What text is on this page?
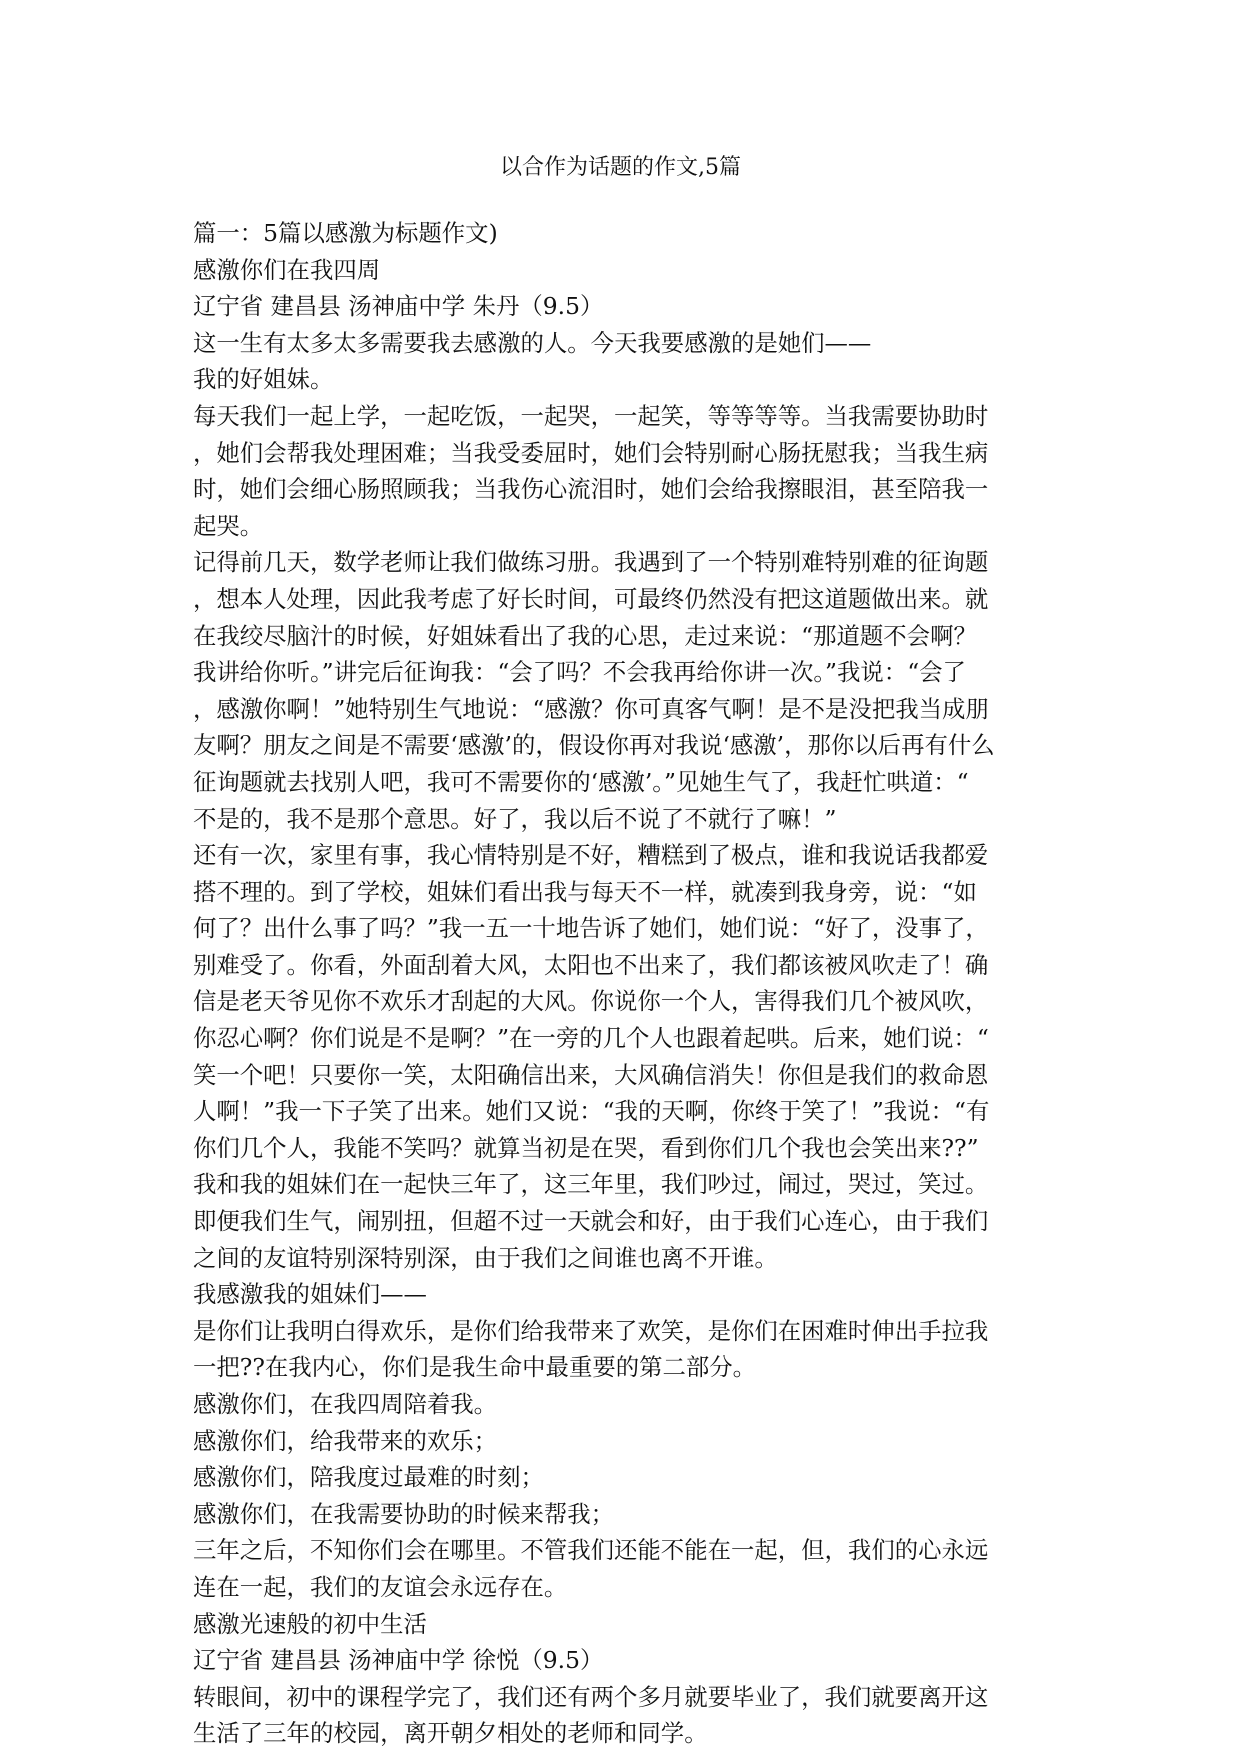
以合作为话题的作文,5篇
篇一：5篇以感激为标题作文)
感激你们在我四周
辽宁省 建昌县 汤神庙中学 朱丹（9.5）
这一生有太多太多需要我去感激的人。今天我要感激的是她们——
我的好姐妹。
每天我们一起上学，一起吃饭，一起哭，一起笑，等等等等。当我需要协助时
，她们会帮我处理困难；当我受委屈时，她们会特别耐心肠抚慰我；当我生病
时，她们会细心肠照顾我；当我伤心流泪时，她们会给我擦眼泪，甚至陪我一
起哭。
记得前几天，数学老师让我们做练习册。我遇到了一个特别难特别难的征询题
，想本人处理，因此我考虑了好长时间，可最终仍然没有把这道题做出来。就
在我绞尽脑汁的时候，好姐妹看出了我的心思，走过来说：“那道题不会啊？
我讲给你听。”讲完后征询我：“会了吗？不会我再给你讲一次。”我说：“会了
，感激你啊！”她特别生气地说：“感激？你可真客气啊！是不是没把我当成朋
友啊？朋友之间是不需要‘感激’的，假设你再对我说‘感激’，那你以后再有什么
征询题就去找别人吧，我可不需要你的‘感激’。”见她生气了，我赶忙哄道：“
不是的，我不是那个意思。好了，我以后不说了不就行了嘛！”
还有一次，家里有事，我心情特别是不好，糟糕到了极点，谁和我说话我都爱
搭不理的。到了学校，姐妹们看出我与每天不一样，就凑到我身旁，说：“如
何了？出什么事了吗？”我一五一十地告诉了她们，她们说：“好了，没事了，
别难受了。你看，外面刮着大风，太阳也不出来了，我们都该被风吹走了！确
信是老天爷见你不欢乐才刮起的大风。你说你一个人，害得我们几个被风吹，
你忍心啊？你们说是不是啊？”在一旁的几个人也跟着起哄。后来，她们说：“
笑一个吧！只要你一笑，太阳确信出来，大风确信消失！你但是我们的救命恩
人啊！”我一下子笑了出来。她们又说：“我的天啊，你终于笑了！”我说：“有
你们几个人，我能不笑吗？就算当初是在哭，看到你们几个我也会笑出来??”
我和我的姐妹们在一起快三年了，这三年里，我们吵过，闹过，哭过，笑过。
即便我们生气，闹别扭，但超不过一天就会和好，由于我们心连心，由于我们
之间的友谊特别深特别深，由于我们之间谁也离不开谁。
我感激我的姐妹们——
是你们让我明白得欢乐，是你们给我带来了欢笑，是你们在困难时伸出手拉我
一把??在我内心，你们是我生命中最重要的第二部分。
感激你们，在我四周陪着我。
感激你们，给我带来的欢乐；
感激你们，陪我度过最难的时刻；
感激你们，在我需要协助的时候来帮我；
三年之后，不知你们会在哪里。不管我们还能不能在一起，但，我们的心永远
连在一起，我们的友谊会永远存在。
感激光速般的初中生活
辽宁省 建昌县 汤神庙中学 徐悦（9.5）
转眼间，初中的课程学完了，我们还有两个多月就要毕业了，我们就要离开这
生活了三年的校园，离开朝夕相处的老师和同学。
